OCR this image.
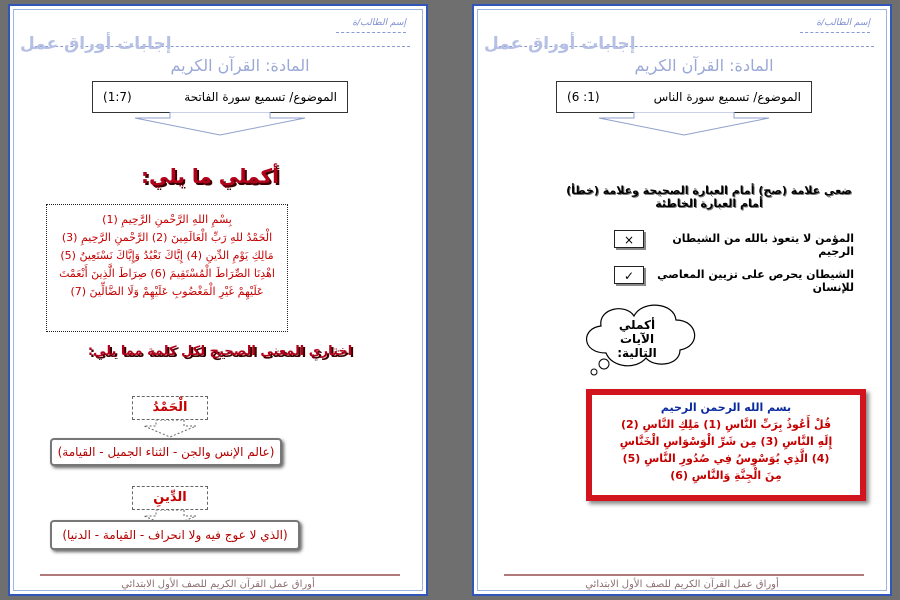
إسم الطالب/ة
إجابات أوراق عمل
المادة: القرآن الكريم
الموضوع/ تسميع سورة الفاتحة
(1:7)
أكملي ما يلي:
بِسْمِ اللهِ الرَّحْمنِ الرَّحِيمِ (1)
الْحَمْدُ للهِ رَبِّ الْعَالَمِينَ (2) الرَّحْمنِ الرَّحِيمِ (3)
مَالِكِ يَوْمِ الدِّينِ (4) إِيَّاكَ نَعْبُدُ وَإِيَّاكَ نَسْتَعِينُ (5)
اهْدِنَا الصِّرَاطَ الْمُسْتَقِيمَ (6) صِرَاطَ الَّذِينَ أَنْعَمْتَ
عَلَيْهِمْ غَيْرِ الْمَغْضُوبِ عَلَيْهِمْ وَلَا الضَّالِّينَ (7)
اختاري المعنى الصحيح لكل كلمة مما يلي:
الْحَمْدُ
(عالم الإنس والجن - الثناء الجميل - القيامة)
الدِّينِ
(الذي لا عوج فيه ولا انحراف - القيامة - الدنيا)
أوراق عمل القرآن الكريم للصف الأول الابتدائي
إسم الطالب/ة
إجابات أوراق عمل
المادة: القرآن الكريم
الموضوع/ تسميع سورة الناس
(1: 6)
ضعي علامة (صح) أمام العبارة الصحيحة وعلامة (خطأ) أمام العبارة الخاطئة
المؤمن لا يتعوذ بالله من الشيطان الرجيم
×
الشيطان يحرص على تزيين المعاصي للإنسان
✓
أكملي الآيات التالية:
بسم الله الرحمن الرحيم
قُلْ أَعُوذُ بِرَبِّ النَّاسِ (1) مَلِكِ النَّاسِ (2)
إِلَهِ النَّاسِ (3) مِن شَرِّ الْوَسْوَاسِ الْخَنَّاسِ
(4) الَّذِي يُوَسْوِسُ فِي صُدُورِ النَّاسِ (5)
مِنَ الْجِنَّةِ وَالنَّاسِ (6)
أوراق عمل القرآن الكريم للصف الأول الابتدائي
